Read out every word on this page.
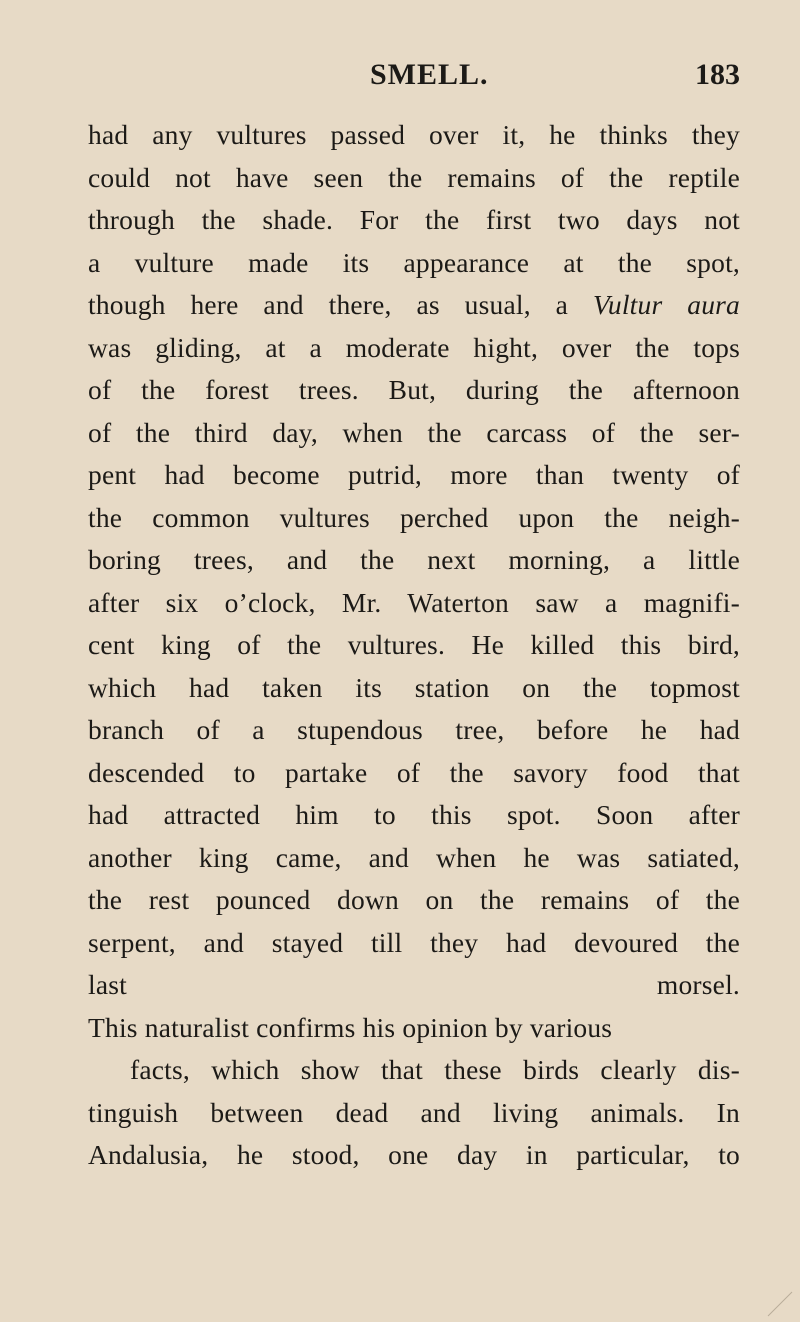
SMELL.	183
had any vultures passed over it, he thinks they
could not have seen the remains of the reptile
through the shade. For the first two days not
a vulture made its appearance at the spot,
though here and there, as usual, a Vultur aura
was gliding, at a moderate hight, over the tops
of the forest trees. But, during the afternoon
of the third day, when the carcass of the ser-
pent had become putrid, more than twenty of
the common vultures perched upon the neigh-
boring trees, and the next morning, a little
after six o’clock, Mr. Waterton saw a magnifi-
cent king of the vultures. He killed this bird,
which had taken its station on the topmost
branch of a stupendous tree, before he had
descended to partake of the savory food that
had attracted him to this spot. Soon after
another king came, and when he was satiated,
the rest pounced down on the remains of the
serpent, and stayed till they had devoured the
last morsel.
This naturalist confirms his opinion by various
facts, which show that these birds clearly dis-
tinguish between dead and living animals. In
Andalusia, he stood, one day in particular, to
